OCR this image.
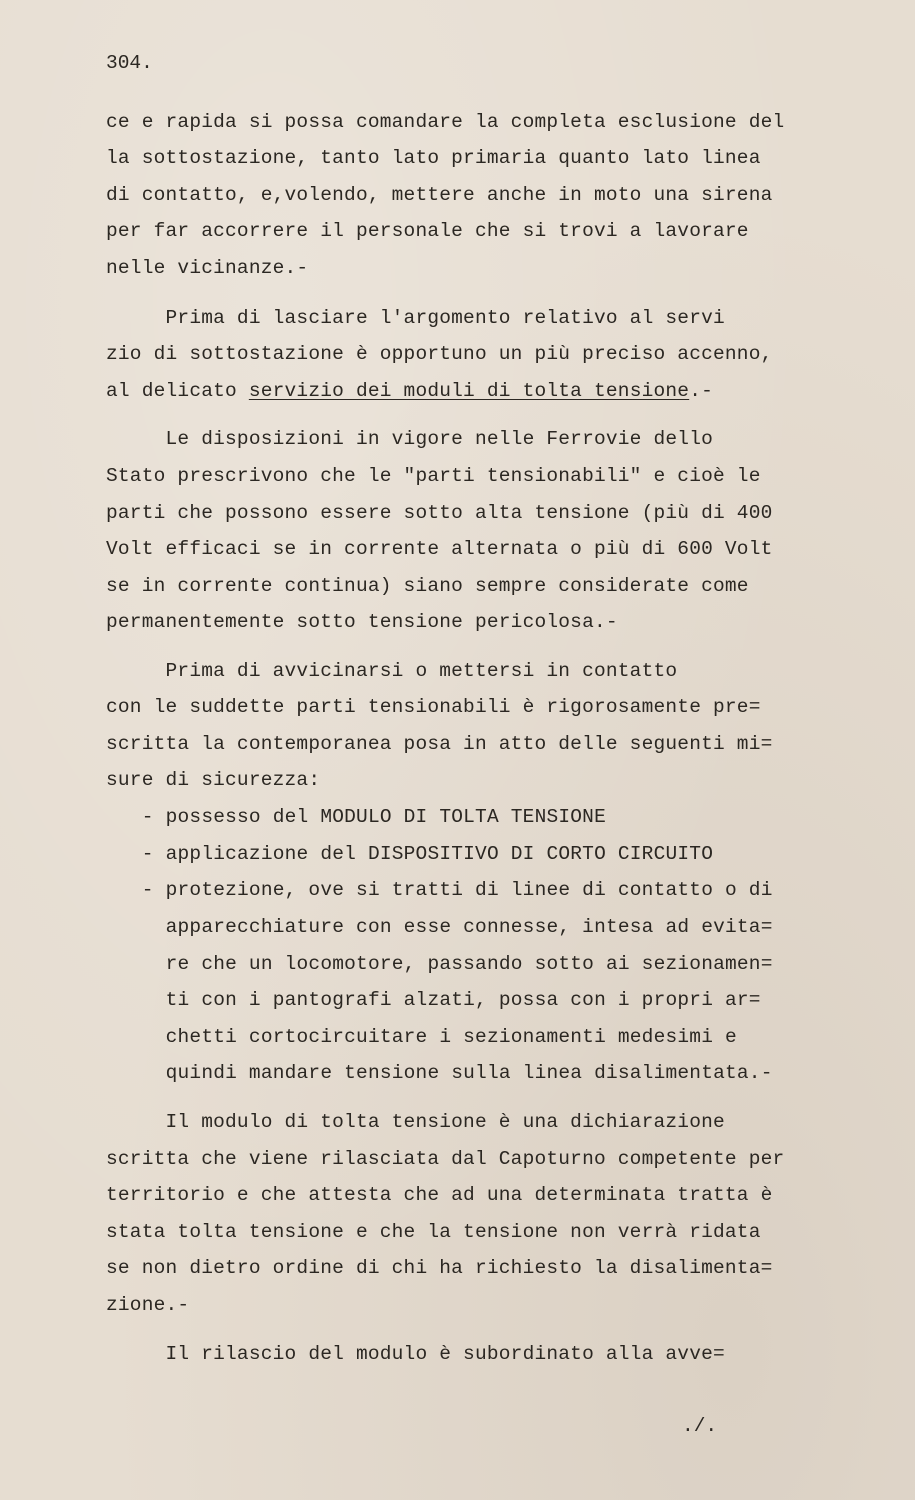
304.
ce e rapida si possa comandare la completa esclusione del
la sottostazione, tanto lato primaria quanto lato linea
di contatto, e,volendo, mettere anche in moto una sirena
per far accorrere il personale che si trovi a lavorare
nelle vicinanze.-
Prima di lasciare l'argomento relativo al servi
zio di sottostazione è opportuno un più preciso accenno,
al delicato servizio dei moduli di tolta tensione.-
Le disposizioni in vigore nelle Ferrovie dello
Stato prescrivono che le "parti tensionabili" e cioè le
parti che possono essere sotto alta tensione (più di 400
Volt efficaci se in corrente alternata o più di 600 Volt
se in corrente continua) siano sempre considerate come
permanentemente sotto tensione pericolosa.-
Prima di avvicinarsi o mettersi in contatto
con le suddette parti tensionabili è rigorosamente pre=
scritta la contemporanea posa in atto delle seguenti mi=
sure di sicurezza:
- possesso del MODULO DI TOLTA TENSIONE
- applicazione del DISPOSITIVO DI CORTO CIRCUITO
- protezione, ove si tratti di linee di contatto o di
apparecchiature con esse connesse, intesa ad evita=
re che un locomotore, passando sotto ai sezionamen=
ti con i pantografi alzati, possa con i propri ar=
chetti cortocircuitare i sezionamenti medesimi e
quindi mandare tensione sulla linea disalimentata.-
Il modulo di tolta tensione è una dichiarazione
scritta che viene rilasciata dal Capoturno competente per
territorio e che attesta che ad una determinata tratta è
stata tolta tensione e che la tensione non verrà ridata
se non dietro ordine di chi ha richiesto la disalimenta=
zione.-
Il rilascio del modulo è subordinato alla avve=
./.
